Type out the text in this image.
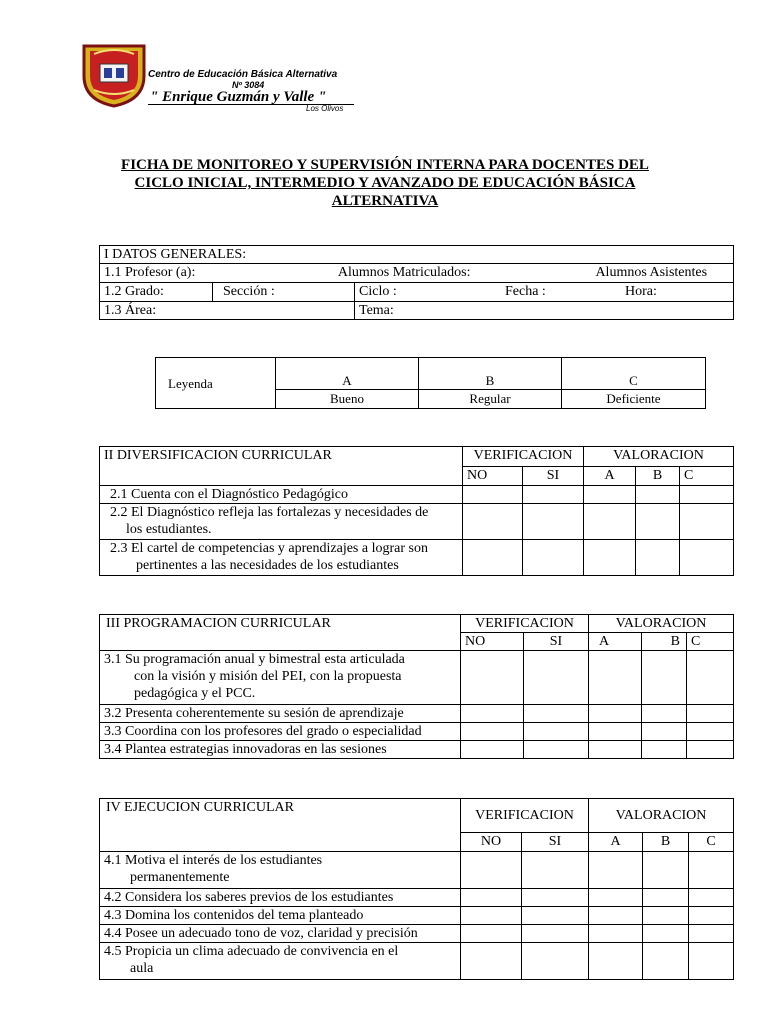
Centro de Educación Básica Alternativa
Nº 3084
" Enrique Guzmán y Valle "
Los Olivos
FICHA DE MONITOREO Y SUPERVISIÓN INTERNA PARA DOCENTES DEL
CICLO INICIAL, INTERMEDIO Y AVANZADO DE EDUCACIÓN BÁSICA
ALTERNATIVA
I DATOS GENERALES:			
1.1 Profesor (a): Alumnos Matriculados:			Alumnos Asistentes
1.2 Grado:	Sección :	Ciclo : Fecha : Hora:	

1.3 Área:		Tema:	
Leyenda	A	B	C
	Bueno	Regular	Deficiente
II DIVERSIFICACION CURRICULAR	VERIFICACION		VALORACION		
	NO	SI	A	B	C
2.1 Cuenta con el Diagnóstico Pedagógico					

2.2 El Diagnóstico refleja las fortalezas y necesidades de
los estudiantes.					

2.3 El cartel de competencias y aprendizajes a lograr son
pertinentes a las necesidades de los estudiantes					

III PROGRAMACION CURRICULAR	VERIFICACION		VALORACION		
	NO	SI	A	B	C

3.1 Su programación anual y bimestral esta articulada
con la visión y misión del PEI, con la propuesta
pedagógica y el PCC.					

3.2 Presenta coherentemente su sesión de aprendizaje					
3.3 Coordina con los profesores del grado o especialidad					
3.4 Plantea estrategias innovadoras en las sesiones					
IV EJECUCION CURRICULAR	VERIFICACION		VALORACION		
	NO	SI	A	B	C

4.1 Motiva el interés de los estudiantes
permanentemente					

4.2 Considera los saberes previos de los estudiantes					
4.3 Domina los contenidos del tema planteado					
4.4 Posee un adecuado tono de voz, claridad y precisión					

4.5 Propicia un clima adecuado de convivencia en el
aula					
